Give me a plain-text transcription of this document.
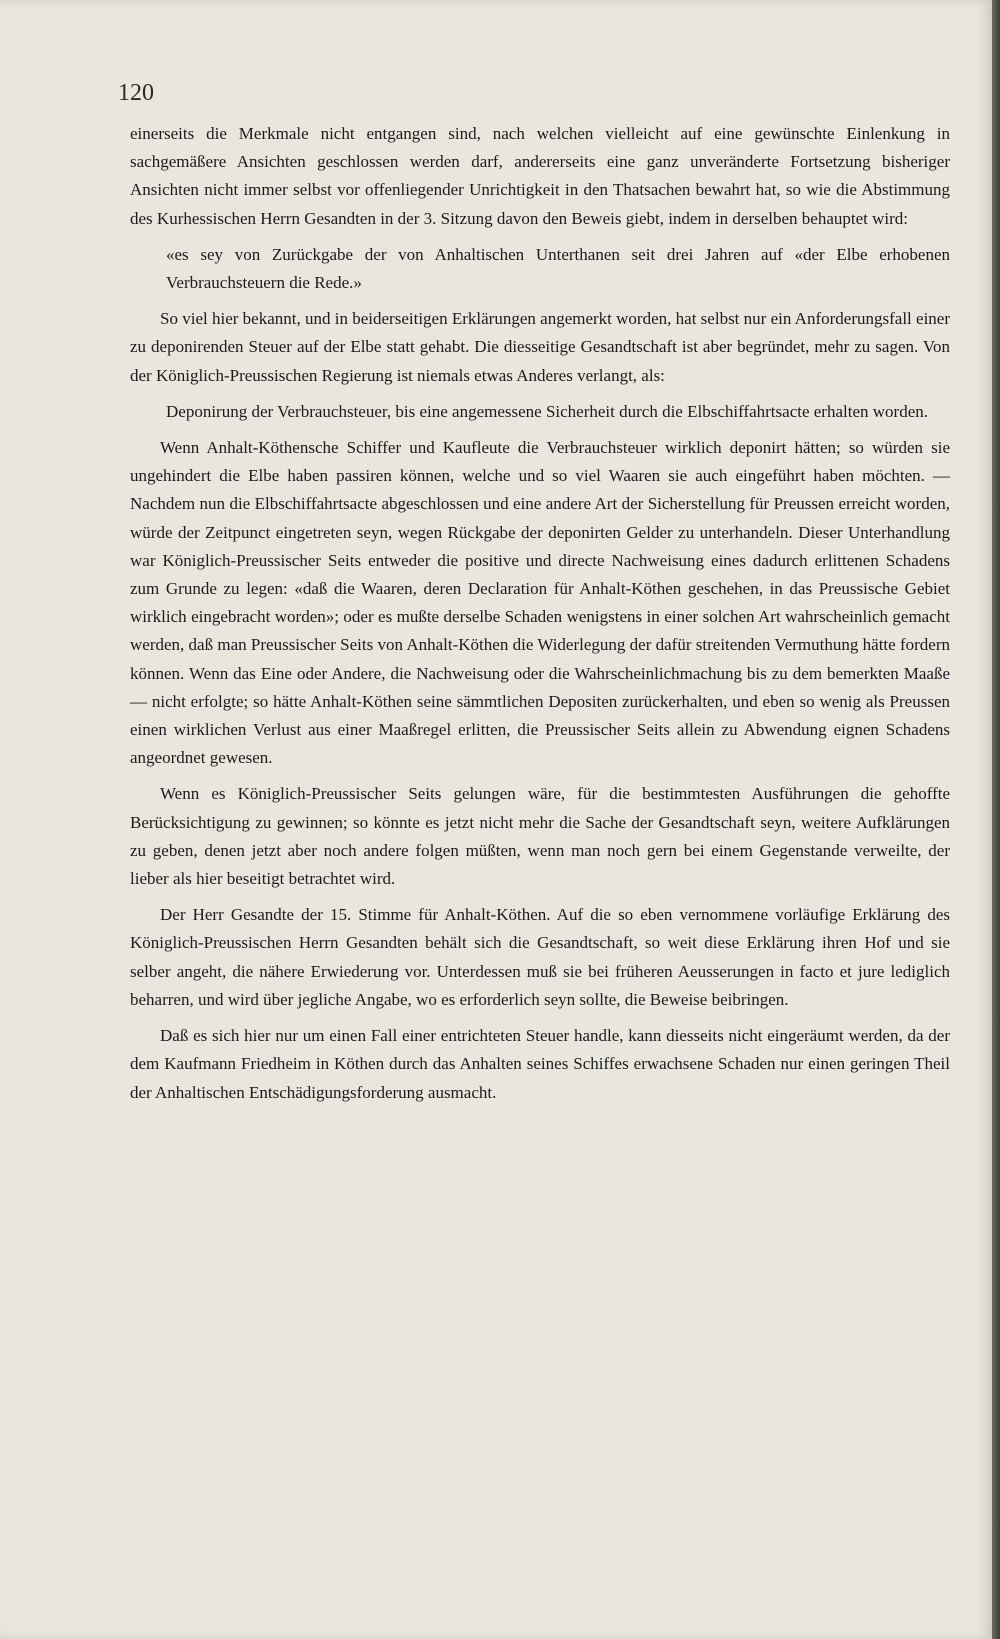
120

einerseits die Merkmale nicht entgangen sind, nach welchen vielleicht auf eine gewünschte Einlenkung in sachgemäßere Ansichten geschlossen werden darf, andererseits eine ganz unveränderte Fortsetzung bisheriger Ansichten nicht immer selbst vor offenliegender Unrichtigkeit in den Thatsachen bewahrt hat, so wie die Abstimmung des Kurhessischen Herrn Gesandten in der 3. Sitzung davon den Beweis giebt, indem in derselben behauptet wird:

«es sey von Zurückgabe der von Anhaltischen Unterthanen seit drei Jahren auf «der Elbe erhobenen Verbrauchsteuern die Rede.»

So viel hier bekannt, und in beiderseitigen Erklärungen angemerkt worden, hat selbst nur ein Anforderungsfall einer zu deponirenden Steuer auf der Elbe statt gehabt. Die diesseitige Gesandtschaft ist aber begründet, mehr zu sagen. Von der Königlich-Preussischen Regierung ist niemals etwas Anderes verlangt, als:

Deponirung der Verbrauchsteuer, bis eine angemessene Sicherheit durch die Elbschiffahrtsacte erhalten worden.

Wenn Anhalt-Köthensche Schiffer und Kaufleute die Verbrauchsteuer wirklich deponirt hätten; so würden sie ungehindert die Elbe haben passiren können, welche und so viel Waaren sie auch eingeführt haben möchten. — Nachdem nun die Elbschiffahrtsacte abgeschlossen und eine andere Art der Sicherstellung für Preussen erreicht worden, würde der Zeitpunct eingetreten seyn, wegen Rückgabe der deponirten Gelder zu unterhandeln. Dieser Unterhandlung war Königlich-Preussischer Seits entweder die positive und directe Nachweisung eines dadurch erlittenen Schadens zum Grunde zu legen: «daß die Waaren, deren Declaration für Anhalt-Köthen geschehen, in das Preussische Gebiet wirklich eingebracht worden»; oder es mußte derselbe Schaden wenigstens in einer solchen Art wahrscheinlich gemacht werden, daß man Preussischer Seits von Anhalt-Köthen die Widerlegung der dafür streitenden Vermuthung hätte fordern können. Wenn das Eine oder Andere, die Nachweisung oder die Wahrscheinlichmachung bis zu dem bemerkten Maaße — nicht erfolgte; so hätte Anhalt-Köthen seine sämmtlichen Depositen zurückerhalten, und eben so wenig als Preussen einen wirklichen Verlust aus einer Maaßregel erlitten, die Preussischer Seits allein zu Abwendung eignen Schadens angeordnet gewesen.

Wenn es Königlich-Preussischer Seits gelungen wäre, für die bestimmtesten Ausführungen die gehoffte Berücksichtigung zu gewinnen; so könnte es jetzt nicht mehr die Sache der Gesandtschaft seyn, weitere Aufklärungen zu geben, denen jetzt aber noch andere folgen müßten, wenn man noch gern bei einem Gegenstande verweilte, der lieber als hier beseitigt betrachtet wird.

Der Herr Gesandte der 15. Stimme für Anhalt-Köthen. Auf die so eben vernommene vorläufige Erklärung des Königlich-Preussischen Herrn Gesandten behält sich die Gesandtschaft, so weit diese Erklärung ihren Hof und sie selber angeht, die nähere Erwiederung vor. Unterdessen muß sie bei früheren Aeusserungen in facto et jure lediglich beharren, und wird über jegliche Angabe, wo es erforderlich seyn sollte, die Beweise beibringen.

Daß es sich hier nur um einen Fall einer entrichteten Steuer handle, kann diesseits nicht eingeräumt werden, da der dem Kaufmann Friedheim in Köthen durch das Anhalten seines Schiffes erwachsene Schaden nur einen geringen Theil der Anhaltischen Entschädigungsforderung ausmacht.
